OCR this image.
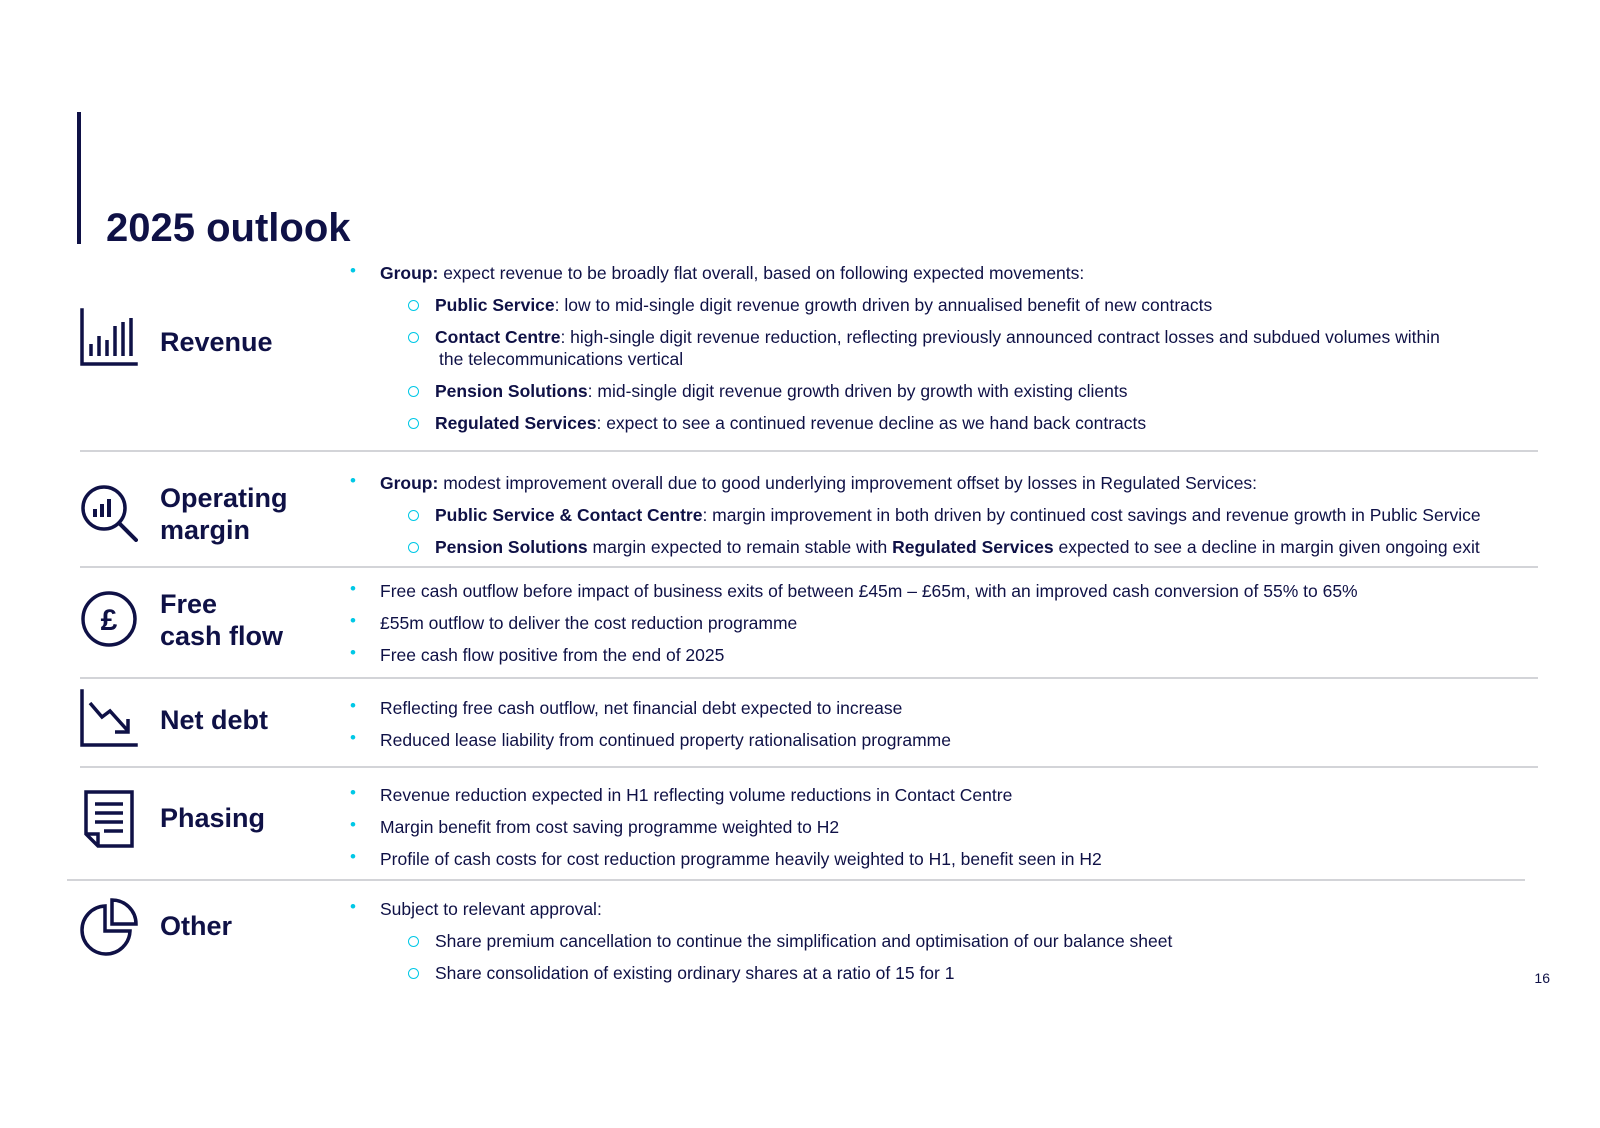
2025 outlook
Revenue
• Group: expect revenue to be broadly flat overall, based on following expected movements:
Public Service: low to mid-single digit revenue growth driven by annualised benefit of new contracts
Contact Centre: high-single digit revenue reduction, reflecting previously announced contract losses and subdued volumes within
the telecommunications vertical
Pension Solutions: mid-single digit revenue growth driven by growth with existing clients
Regulated Services: expect to see a continued revenue decline as we hand back contracts
Operating
margin
• Group: modest improvement overall due to good underlying improvement offset by losses in Regulated Services:
Public Service & Contact Centre: margin improvement in both driven by continued cost savings and revenue growth in Public Service
Pension Solutions margin expected to remain stable with Regulated Services expected to see a decline in margin given ongoing exit
£ Free
cash flow
• Free cash outflow before impact of business exits of between £45m – £65m, with an improved cash conversion of 55% to 65%
• £55m outflow to deliver the cost reduction programme
• Free cash flow positive from the end of 2025
Net debt
•	Reflecting free cash outflow, net financial debt expected to increase
• Reduced lease liability from continued property rationalisation programme
Phasing
• Revenue reduction expected in H1 reflecting volume reductions in Contact Centre
• Margin benefit from cost saving programme weighted to H2
• Profile of cash costs for cost reduction programme heavily weighted to H1, benefit seen in H2
Other
• Subject to relevant approval:
Share premium cancellation to continue the simplification and optimisation of our balance sheet
Share consolidation of existing ordinary shares at a ratio of 15 for 1	16
